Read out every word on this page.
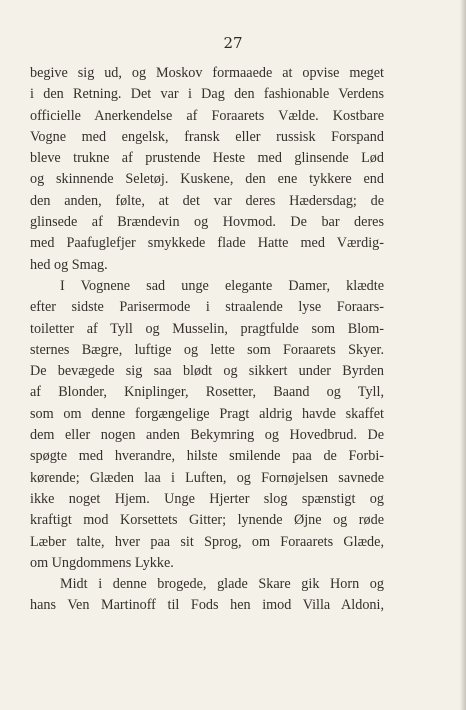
27
begive sig ud, og Moskov formaaede at opvise meget
i den Retning. Det var i Dag den fashionable Verdens
officielle Anerkendelse af Foraarets Vælde. Kostbare
Vogne med engelsk, fransk eller russisk Forspand
bleve trukne af prustende Heste med glinsende Lød
og skinnende Seletøj. Kuskene, den ene tykkere end
den anden, følte, at det var deres Hædersdag; de
glinsede af Brændevin og Hovmod. De bar deres
med Paafuglefjer smykkede flade Hatte med Værdig-
hed og Smag.
I Vognene sad unge elegante Damer, klædte
efter sidste Parisermode i straalende lyse Foraars-
toiletter af Tyll og Musselin, pragtfulde som Blom-
sternes Bægre, luftige og lette som Foraarets Skyer.
De bevægede sig saa blødt og sikkert under Byrden
af Blonder, Kniplinger, Rosetter, Baand og Tyll,
som om denne forgængelige Pragt aldrig havde skaffet
dem eller nogen anden Bekymring og Hovedbrud. De
spøgte med hverandre, hilste smilende paa de Forbi-
kørende; Glæden laa i Luften, og Fornøjelsen savnede
ikke noget Hjem. Unge Hjerter slog spænstigt og
kraftigt mod Korsettets Gitter; lynende Øjne og røde
Læber talte, hver paa sit Sprog, om Foraarets Glæde,
om Ungdommens Lykke.
Midt i denne brogede, glade Skare gik Horn og
hans Ven Martinoff til Fods hen imod Villa Aldoni,
